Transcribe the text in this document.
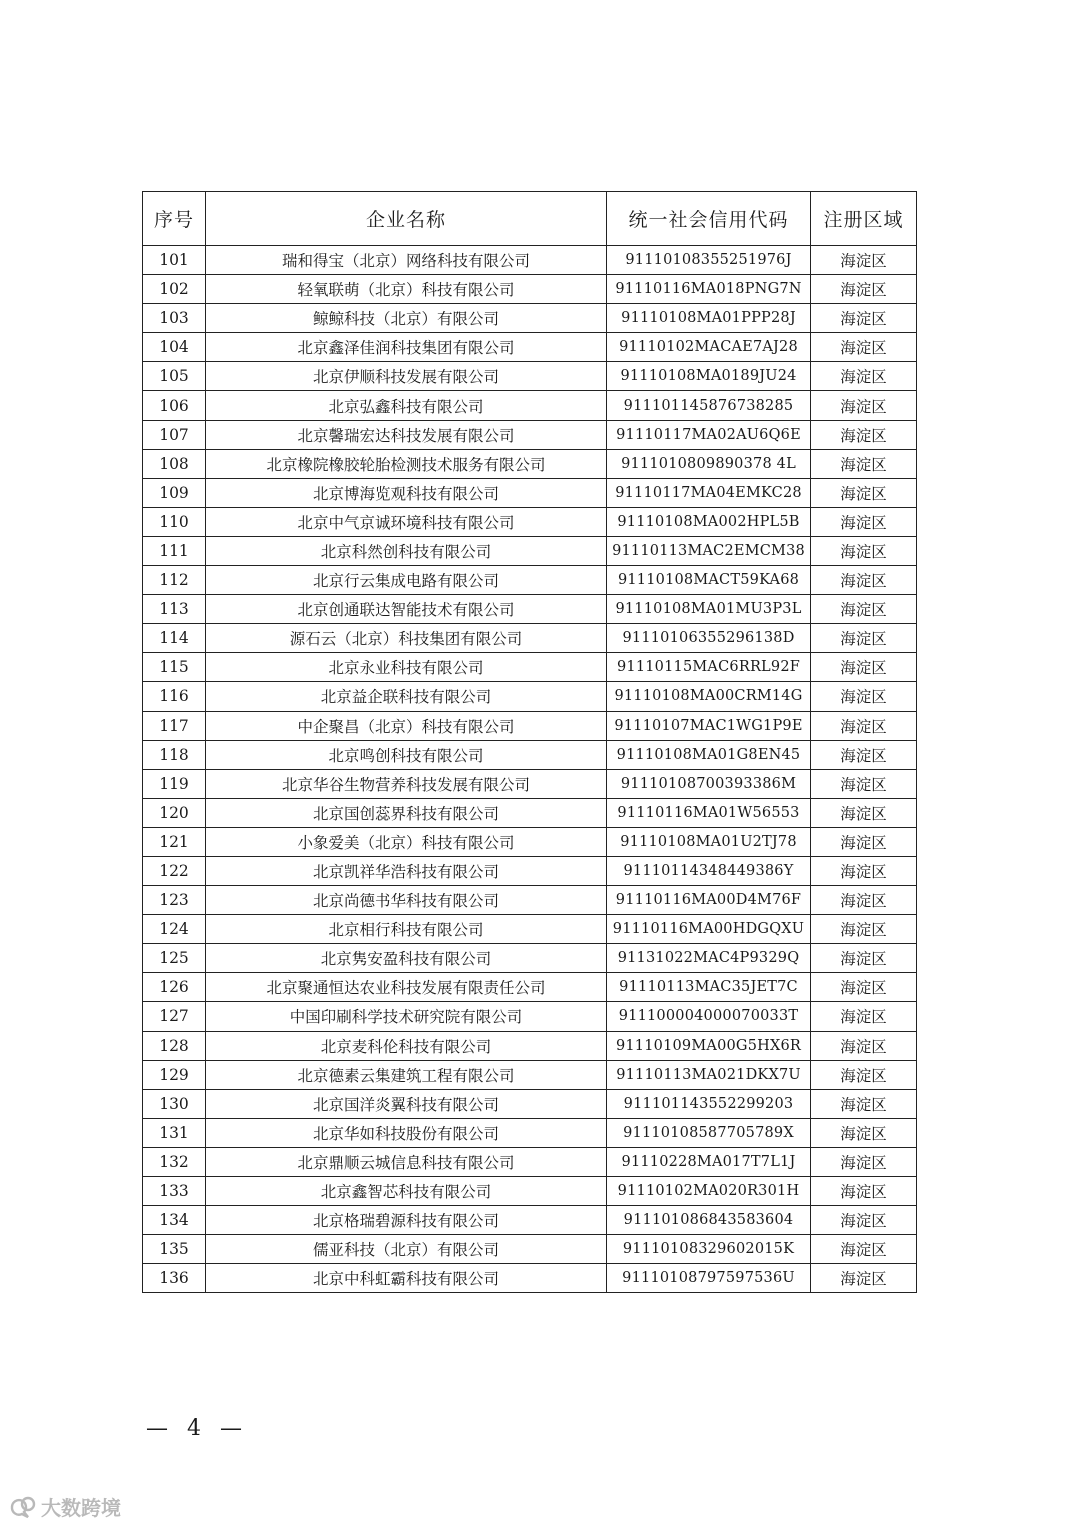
序号	企业名称	统一社会信用代码	注册区域
101	瑞和得宝（北京）网络科技有限公司	91110108355251976J	海淀区
102	轻氧联萌（北京）科技有限公司	91110116MA018PNG7N	海淀区
103	鲸鲸科技（北京）有限公司	91110108MA01PPP28J	海淀区
104	北京鑫泽佳润科技集团有限公司	91110102MACAE7AJ28	海淀区
105	北京伊顺科技发展有限公司	91110108MA0189JU24	海淀区
106	北京弘鑫科技有限公司	911101145876738285	海淀区
107	北京馨瑞宏达科技发展有限公司	91110117MA02AU6Q6E	海淀区
108	北京橡院橡胶轮胎检测技术服务有限公司	9111010809890378 4L	海淀区
109	北京博海览观科技有限公司	91110117MA04EMKC28	海淀区
110	北京中气京诚环境科技有限公司	91110108MA002HPL5B	海淀区
111	北京科然创科技有限公司	91110113MAC2EMCM38	海淀区
112	北京行云集成电路有限公司	91110108MACT59KA68	海淀区
113	北京创通联达智能技术有限公司	91110108MA01MU3P3L	海淀区
114	源石云（北京）科技集团有限公司	91110106355296138D	海淀区
115	北京永业科技有限公司	91110115MAC6RRL92F	海淀区
116	北京益企联科技有限公司	91110108MA00CRM14G	海淀区
117	中企聚昌（北京）科技有限公司	91110107MAC1WG1P9E	海淀区
118	北京鸣创科技有限公司	91110108MA01G8EN45	海淀区
119	北京华谷生物营养科技发展有限公司	91110108700393386M	海淀区
120	北京国创蕊界科技有限公司	91110116MA01W56553	海淀区
121	小象爱美（北京）科技有限公司	91110108MA01U2TJ78	海淀区
122	北京凯祥华浩科技有限公司	91110114348449386Y	海淀区
123	北京尚德书华科技有限公司	91110116MA00D4M76F	海淀区
124	北京相行科技有限公司	91110116MA00HDGQXU	海淀区
125	北京隽安盈科技有限公司	91131022MAC4P9329Q	海淀区
126	北京聚通恒达农业科技发展有限责任公司	91110113MAC35JET7C	海淀区
127	中国印刷科学技术研究院有限公司	911100004000070033T	海淀区
128	北京麦科伦科技有限公司	91110109MA00G5HX6R	海淀区
129	北京德素云集建筑工程有限公司	91110113MA021DKX7U	海淀区
130	北京国洋炎翼科技有限公司	911101143552299203	海淀区
131	北京华如科技股份有限公司	91110108587705789X	海淀区
132	北京鼎顺云城信息科技有限公司	91110228MA017T7L1J	海淀区
133	北京鑫智芯科技有限公司	91110102MA020R301H	海淀区
134	北京格瑞碧源科技有限公司	911101086843583604	海淀区
135	儒亚科技（北京）有限公司	91110108329602015K	海淀区
136	北京中科虹霸科技有限公司	91110108797597536U	海淀区
— 4 —
大数跨境
